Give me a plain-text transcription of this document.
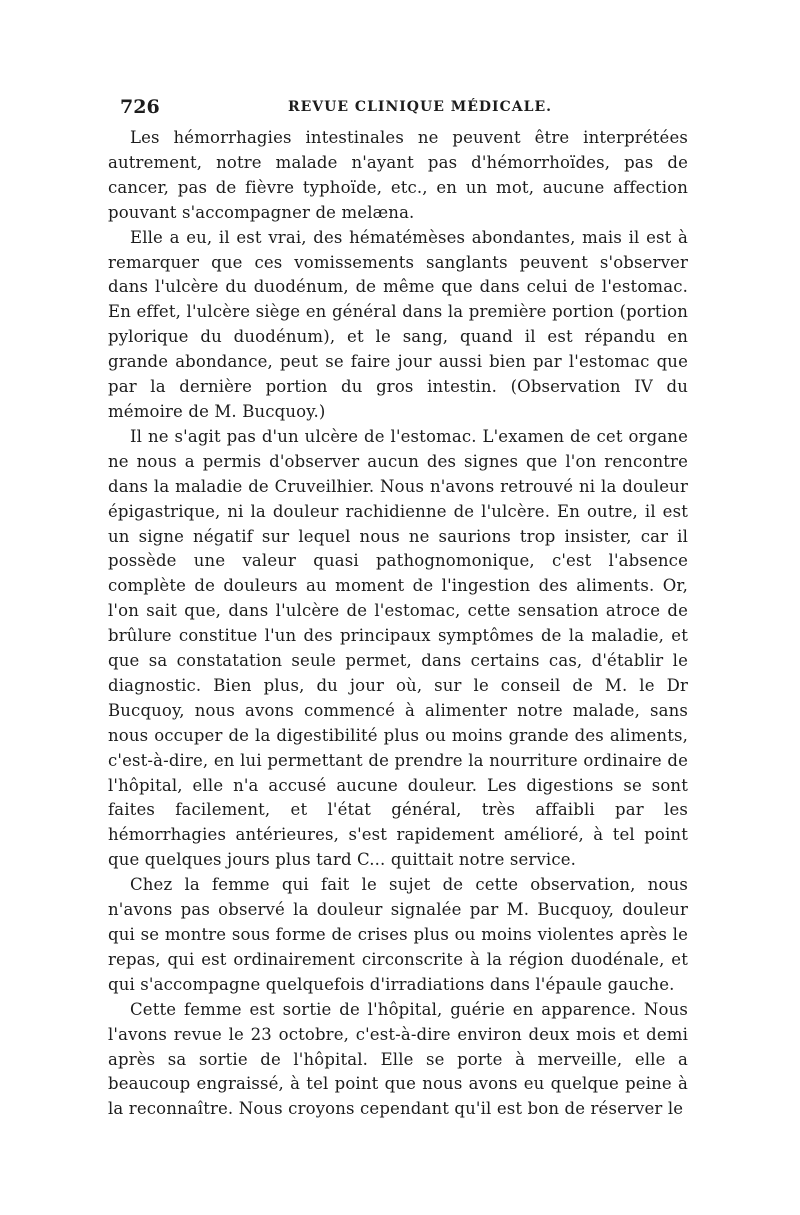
726	REVUE CLINIQUE MÉDICALE.

Les hémorrhagies intestinales ne peuvent être interprétées autrement, notre malade n'ayant pas d'hémorrhoïdes, pas de cancer, pas de fièvre typhoïde, etc., en un mot, aucune affection pouvant s'accompagner de melæna.

Elle a eu, il est vrai, des hématémèses abondantes, mais il est à remarquer que ces vomissements sanglants peuvent s'observer dans l'ulcère du duodénum, de même que dans celui de l'estomac. En effet, l'ulcère siège en général dans la première portion (portion pylorique du duodénum), et le sang, quand il est répandu en grande abondance, peut se faire jour aussi bien par l'estomac que par la dernière portion du gros intestin. (Observation IV du mémoire de M. Bucquoy.)

Il ne s'agit pas d'un ulcère de l'estomac. L'examen de cet organe ne nous a permis d'observer aucun des signes que l'on rencontre dans la maladie de Cruveilhier. Nous n'avons retrouvé ni la douleur épigastrique, ni la douleur rachidienne de l'ulcère. En outre, il est un signe négatif sur lequel nous ne saurions trop insister, car il possède une valeur quasi pathognomonique, c'est l'absence complète de douleurs au moment de l'ingestion des aliments. Or, l'on sait que, dans l'ulcère de l'estomac, cette sensation atroce de brûlure constitue l'un des principaux symptômes de la maladie, et que sa constatation seule permet, dans certains cas, d'établir le diagnostic. Bien plus, du jour où, sur le conseil de M. le Dr Bucquoy, nous avons commencé à alimenter notre malade, sans nous occuper de la digestibilité plus ou moins grande des aliments, c'est-à-dire, en lui permettant de prendre la nourriture ordinaire de l'hôpital, elle n'a accusé aucune douleur. Les digestions se sont faites facilement, et l'état général, très affaibli par les hémorrhagies antérieures, s'est rapidement amélioré, à tel point que quelques jours plus tard C... quittait notre service.

Chez la femme qui fait le sujet de cette observation, nous n'avons pas observé la douleur signalée par M. Bucquoy, douleur qui se montre sous forme de crises plus ou moins violentes après le repas, qui est ordinairement circonscrite à la région duodénale, et qui s'accompagne quelquefois d'irradiations dans l'épaule gauche.

Cette femme est sortie de l'hôpital, guérie en apparence. Nous l'avons revue le 23 octobre, c'est-à-dire environ deux mois et demi après sa sortie de l'hôpital. Elle se porte à merveille, elle a beaucoup engraissé, à tel point que nous avons eu quelque peine à la reconnaître. Nous croyons cependant qu'il est bon de réserver le
